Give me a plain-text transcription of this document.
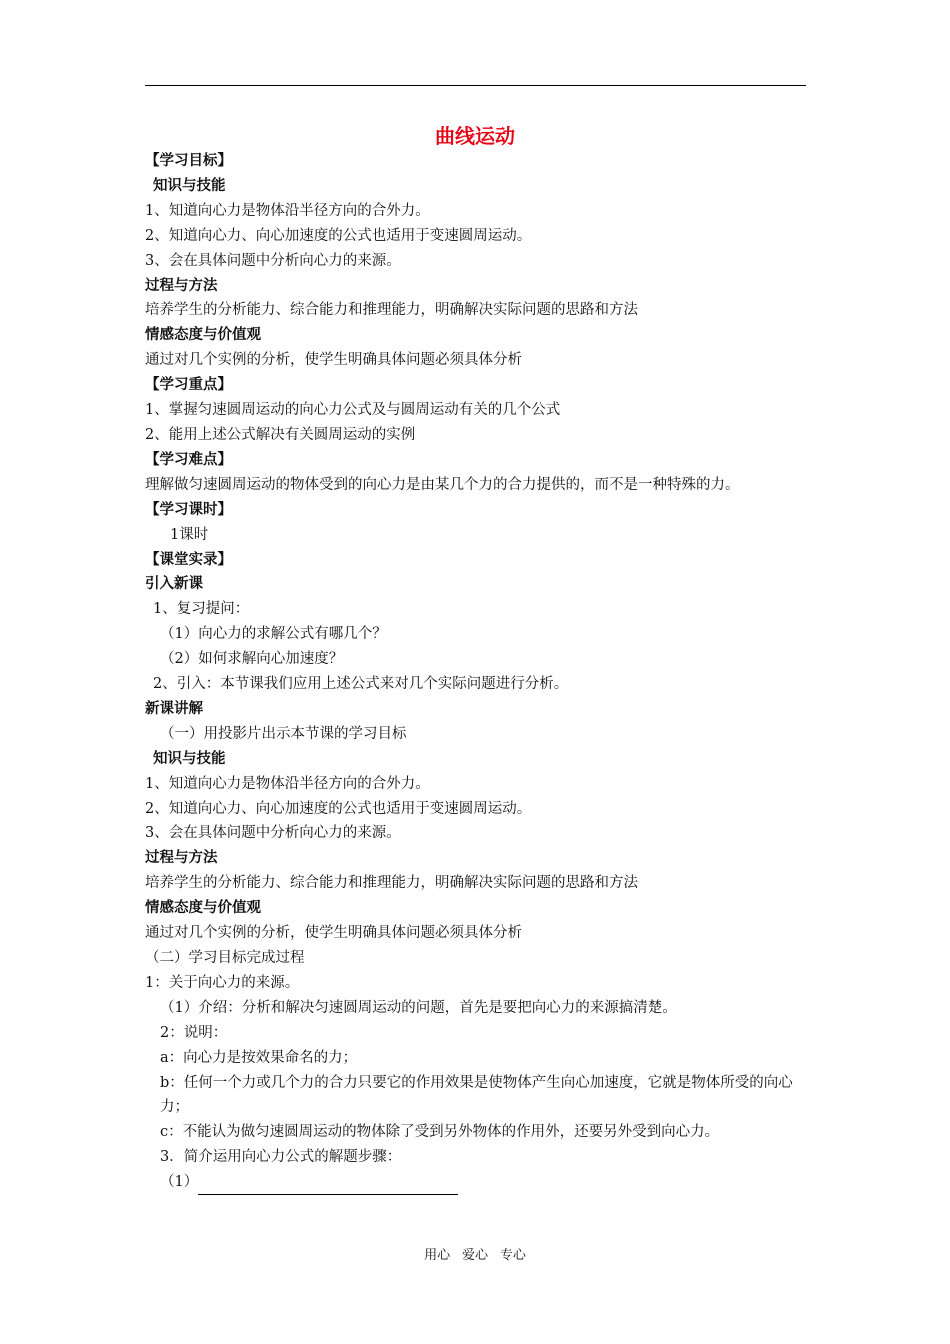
曲线运动
【学习目标】
知识与技能
1、知道向心力是物体沿半径方向的合外力。
2、知道向心力、向心加速度的公式也适用于变速圆周运动。
3、会在具体问题中分析向心力的来源。
过程与方法
培养学生的分析能力、综合能力和推理能力，明确解决实际问题的思路和方法
情感态度与价值观
通过对几个实例的分析，使学生明确具体问题必须具体分析
【学习重点】
1、掌握匀速圆周运动的向心力公式及与圆周运动有关的几个公式
2、能用上述公式解决有关圆周运动的实例
【学习难点】
理解做匀速圆周运动的物体受到的向心力是由某几个力的合力提供的，而不是一种特殊的力。
【学习课时】
1课时
【课堂实录】
引入新课
1、复习提问：
（1）向心力的求解公式有哪几个？
（2）如何求解向心加速度？
2、引入：本节课我们应用上述公式来对几个实际问题进行分析。
新课讲解
（一）用投影片出示本节课的学习目标
知识与技能
1、知道向心力是物体沿半径方向的合外力。
2、知道向心力、向心加速度的公式也适用于变速圆周运动。
3、会在具体问题中分析向心力的来源。
过程与方法
培养学生的分析能力、综合能力和推理能力，明确解决实际问题的思路和方法
情感态度与价值观
通过对几个实例的分析，使学生明确具体问题必须具体分析
（二）学习目标完成过程
1：关于向心力的来源。
（1）介绍：分析和解决匀速圆周运动的问题，首先是要把向心力的来源搞清楚。
2：说明：
a：向心力是按效果命名的力；
b：任何一个力或几个力的合力只要它的作用效果是使物体产生向心加速度，它就是物体所受的向心力；
c：不能认为做匀速圆周运动的物体除了受到另外物体的作用外，还要另外受到向心力。
3．简介运用向心力公式的解题步骤：
（1）
用心 爱心 专心
